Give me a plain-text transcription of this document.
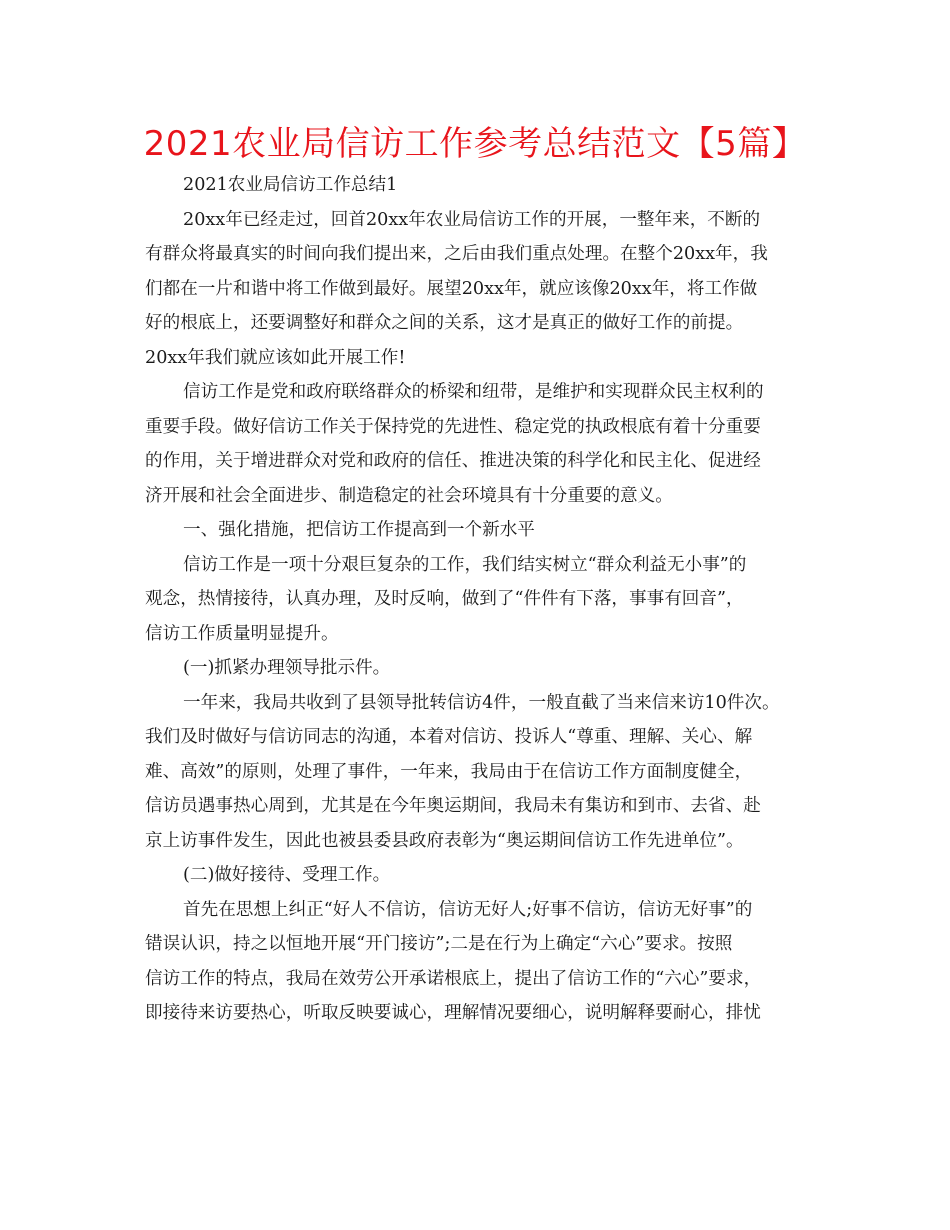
2021农业局信访工作参考总结范文【5篇】
2021农业局信访工作总结1
20xx年已经走过，回首20xx年农业局信访工作的开展，一整年来，不断的
有群众将最真实的时间向我们提出来，之后由我们重点处理。在整个20xx年，我
们都在一片和谐中将工作做到最好。展望20xx年，就应该像20xx年，将工作做
好的根底上，还要调整好和群众之间的关系，这才是真正的做好工作的前提。
20xx年我们就应该如此开展工作!
信访工作是党和政府联络群众的桥梁和纽带，是维护和实现群众民主权利的
重要手段。做好信访工作关于保持党的先进性、稳定党的执政根底有着十分重要
的作用，关于增进群众对党和政府的信任、推进决策的科学化和民主化、促进经
济开展和社会全面进步、制造稳定的社会环境具有十分重要的意义。
一、强化措施，把信访工作提高到一个新水平
信访工作是一项十分艰巨复杂的工作，我们结实树立“群众利益无小事”的
观念，热情接待，认真办理，及时反响，做到了“件件有下落，事事有回音”，
信访工作质量明显提升。
(一)抓紧办理领导批示件。
一年来，我局共收到了县领导批转信访4件，一般直截了当来信来访10件次。
我们及时做好与信访同志的沟通，本着对信访、投诉人“尊重、理解、关心、解
难、高效”的原则，处理了事件，一年来，我局由于在信访工作方面制度健全，
信访员遇事热心周到，尤其是在今年奥运期间，我局未有集访和到市、去省、赴
京上访事件发生，因此也被县委县政府表彰为“奥运期间信访工作先进单位”。
(二)做好接待、受理工作。
首先在思想上纠正“好人不信访，信访无好人;好事不信访，信访无好事”的
错误认识，持之以恒地开展“开门接访”;二是在行为上确定“六心”要求。按照
信访工作的特点，我局在效劳公开承诺根底上，提出了信访工作的“六心”要求，
即接待来访要热心，听取反映要诚心，理解情况要细心，说明解释要耐心，排忧
